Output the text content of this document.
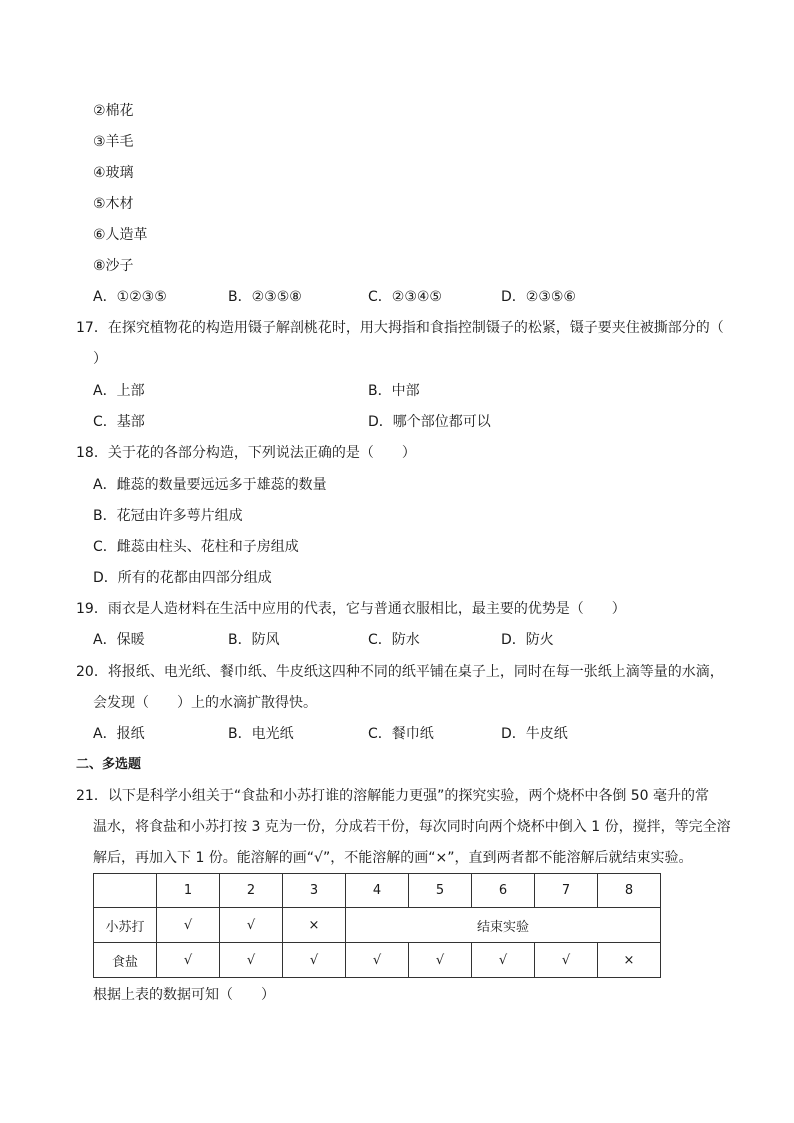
②棉花
③羊毛
④玻璃
⑤木材
⑥人造革
⑧沙子
A．①②③⑤	B．②③⑤⑧	C．②③④⑤	D．②③⑤⑥
17．在探究植物花的构造用镊子解剖桃花时，用大拇指和食指控制镊子的松紧，镊子要夹住被撕部分的（
）
A．上部	B．中部
C．基部	D．哪个部位都可以
18．关于花的各部分构造，下列说法正确的是（　　）
A．雌蕊的数量要远远多于雄蕊的数量
B．花冠由许多萼片组成
C．雌蕊由柱头、花柱和子房组成
D．所有的花都由四部分组成
19．雨衣是人造材料在生活中应用的代表，它与普通衣服相比，最主要的优势是（　　）
A．保暖	B．防风	C．防水	D．防火
20．将报纸、电光纸、餐巾纸、牛皮纸这四种不同的纸平铺在桌子上，同时在每一张纸上滴等量的水滴，
会发现（　　）上的水滴扩散得快。
A．报纸	B．电光纸	C．餐巾纸	D．牛皮纸
二、多选题
21．以下是科学小组关于“食盐和小苏打谁的溶解能力更强”的探究实验，两个烧杯中各倒 50 毫升的常
温水，将食盐和小苏打按 3 克为一份，分成若干份，每次同时向两个烧杯中倒入 1 份，搅拌，等完全溶
解后，再加入下 1 份。能溶解的画“√”，不能溶解的画“×”，直到两者都不能溶解后就结束实验。
	1	2	3	4	5	6	7	8
小苏打	√	√	×	结束实验				
食盐	√	√	√	√	√	√	√	×
根据上表的数据可知（　　）
